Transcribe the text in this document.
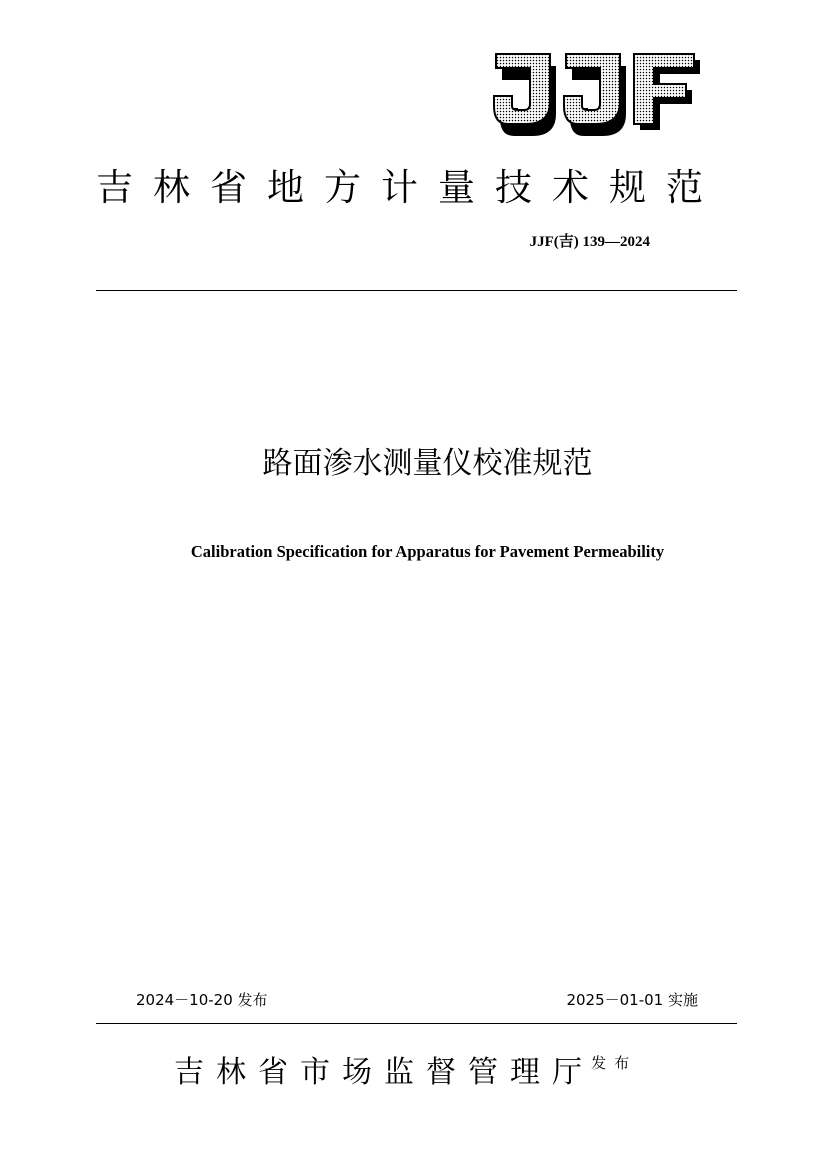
吉林省地方计量技术规范
JJF(吉) 139—2024
路面渗水测量仪校准规范
Calibration Specification for Apparatus for Pavement Permeability
2024－10-20 发布	2025－01-01 实施
吉林省市场监督管理厅 发布
